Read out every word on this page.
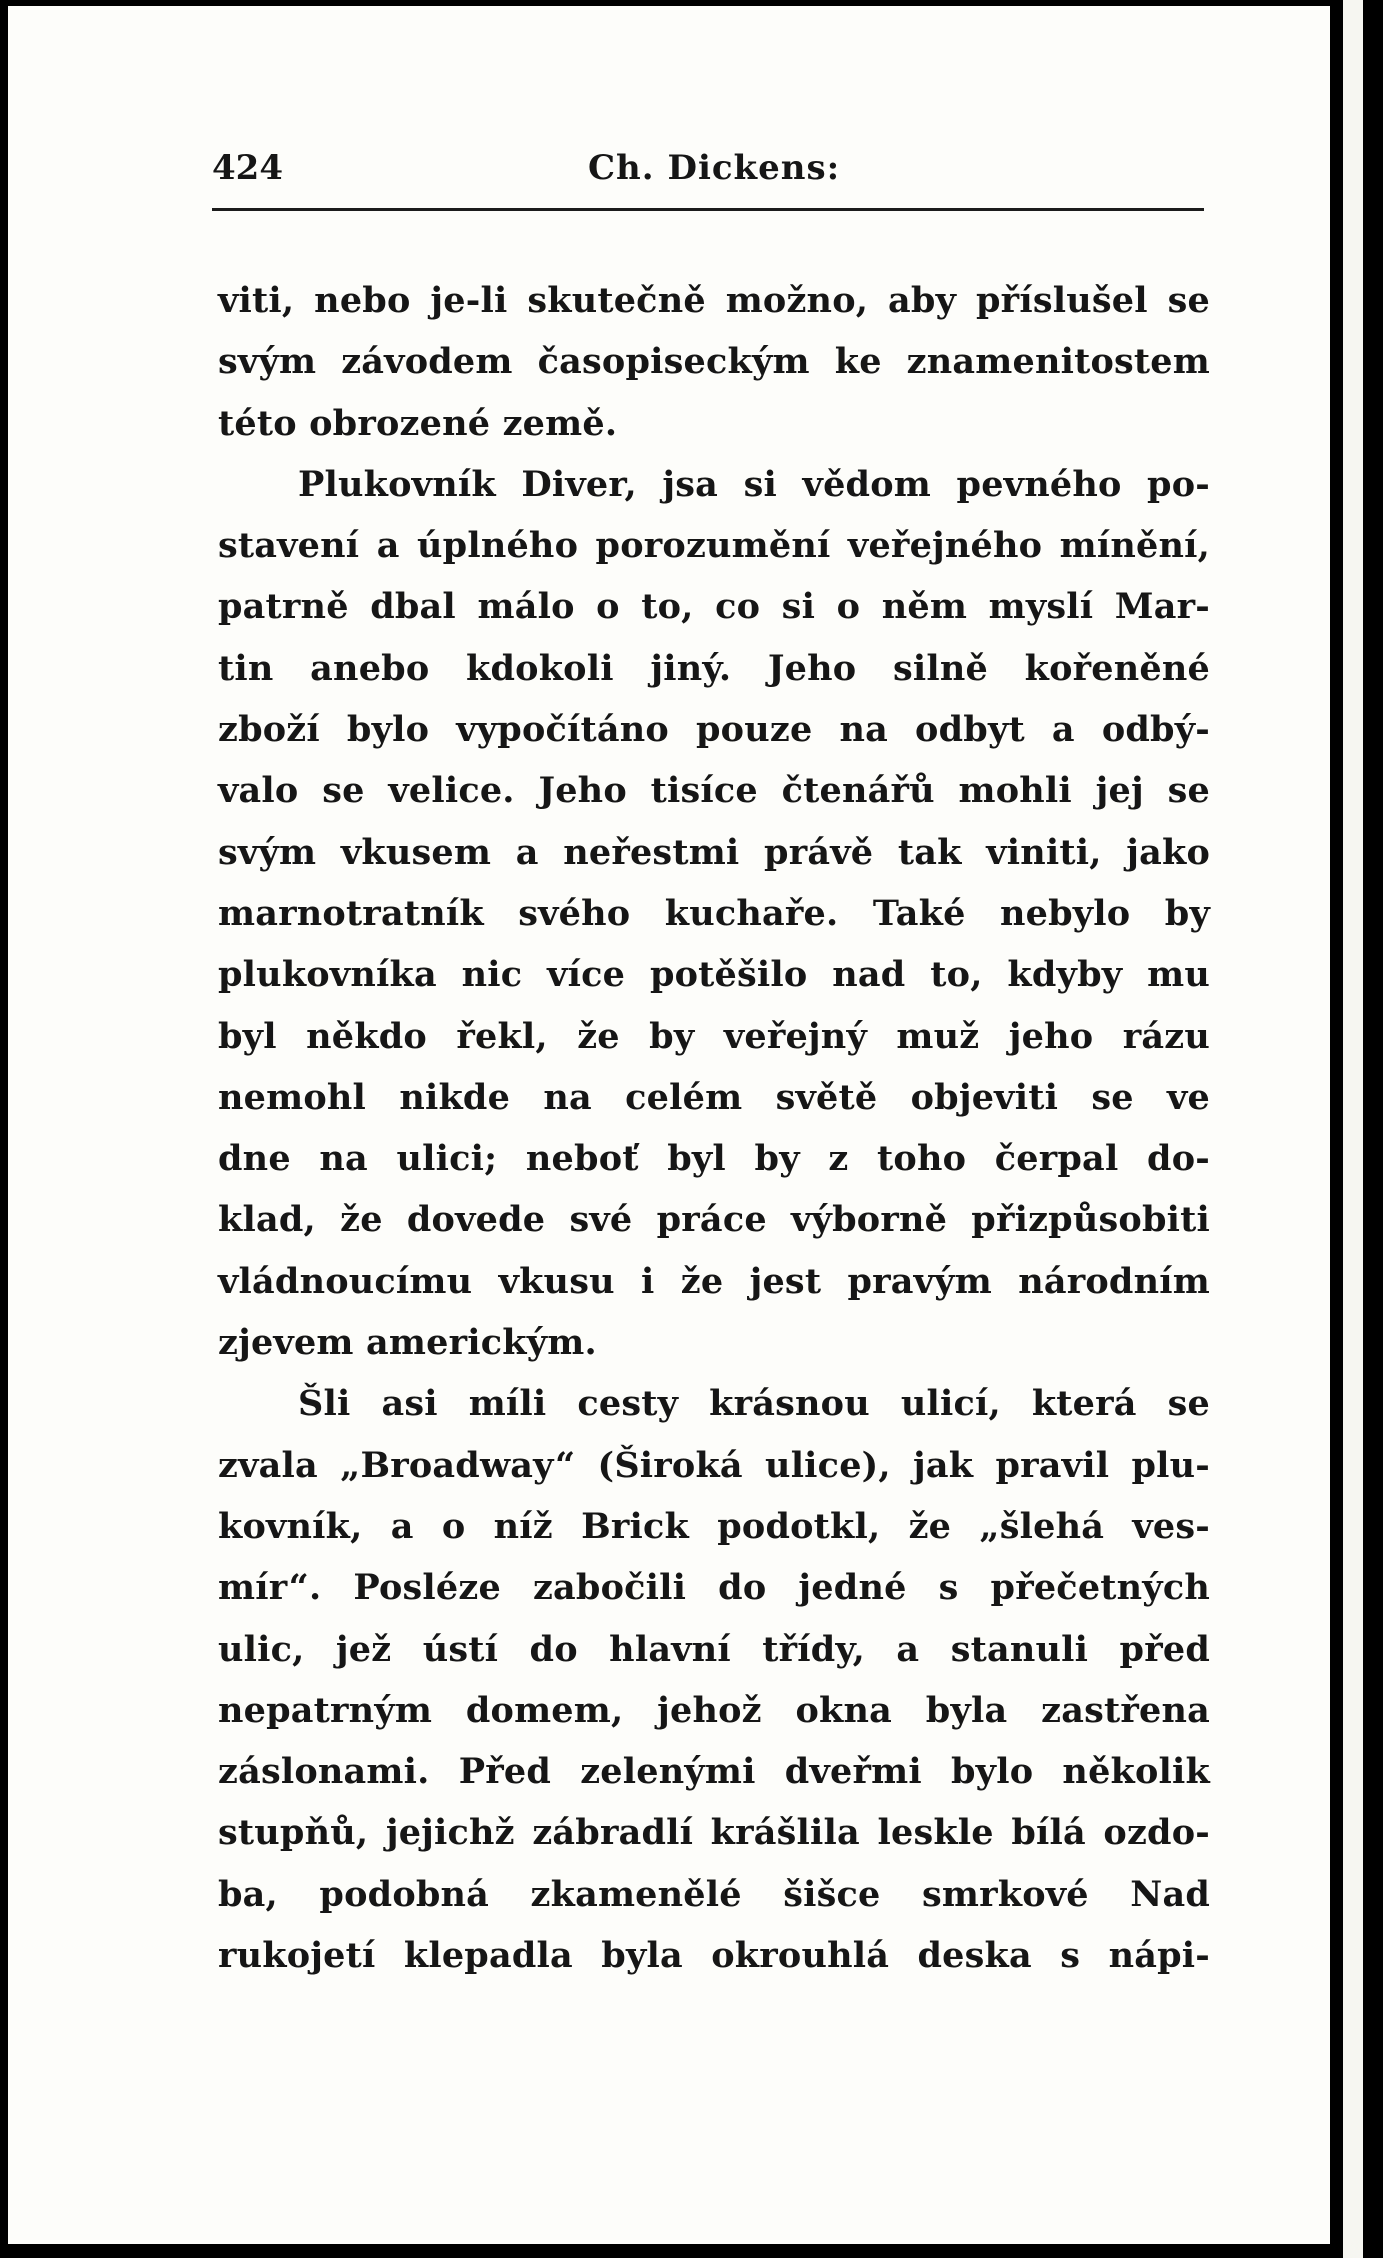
424	Ch. Dickens:
viti, nebo je-li skutečně možno, aby příslušel se
svým závodem časopiseckým ke znamenitostem
této obrozené země.
Plukovník Diver, jsa si vědom pevného po-
stavení a úplného porozumění veřejného mínění,
patrně dbal málo o to, co si o něm myslí Mar-
tin anebo kdokoli jiný. Jeho silně kořeněné
zboží bylo vypočítáno pouze na odbyt a odbý-
valo se velice. Jeho tisíce čtenářů mohli jej se
svým vkusem a neřestmi právě tak viniti, jako
marnotratník svého kuchaře. Také nebylo by
plukovníka nic více potěšilo nad to, kdyby mu
byl někdo řekl, že by veřejný muž jeho rázu
nemohl nikde na celém světě objeviti se ve
dne na ulici; neboť byl by z toho čerpal do-
klad, že dovede své práce výborně přizpůsobiti
vládnoucímu vkusu i že jest pravým národním
zjevem americkým.
Šli asi míli cesty krásnou ulicí, která se
zvala „Broadway“ (Široká ulice), jak pravil plu-
kovník, a o níž Brick podotkl, že „šlehá ves-
mír“. Posléze zabočili do jedné s přečetných
ulic, jež ústí do hlavní třídy, a stanuli před
nepatrným domem, jehož okna byla zastřena
záslonami. Před zelenými dveřmi bylo několik
stupňů, jejichž zábradlí krášlila leskle bílá ozdo-
ba, podobná zkamenělé šišce smrkové Nad
rukojetí klepadla byla okrouhlá deska s nápi-
